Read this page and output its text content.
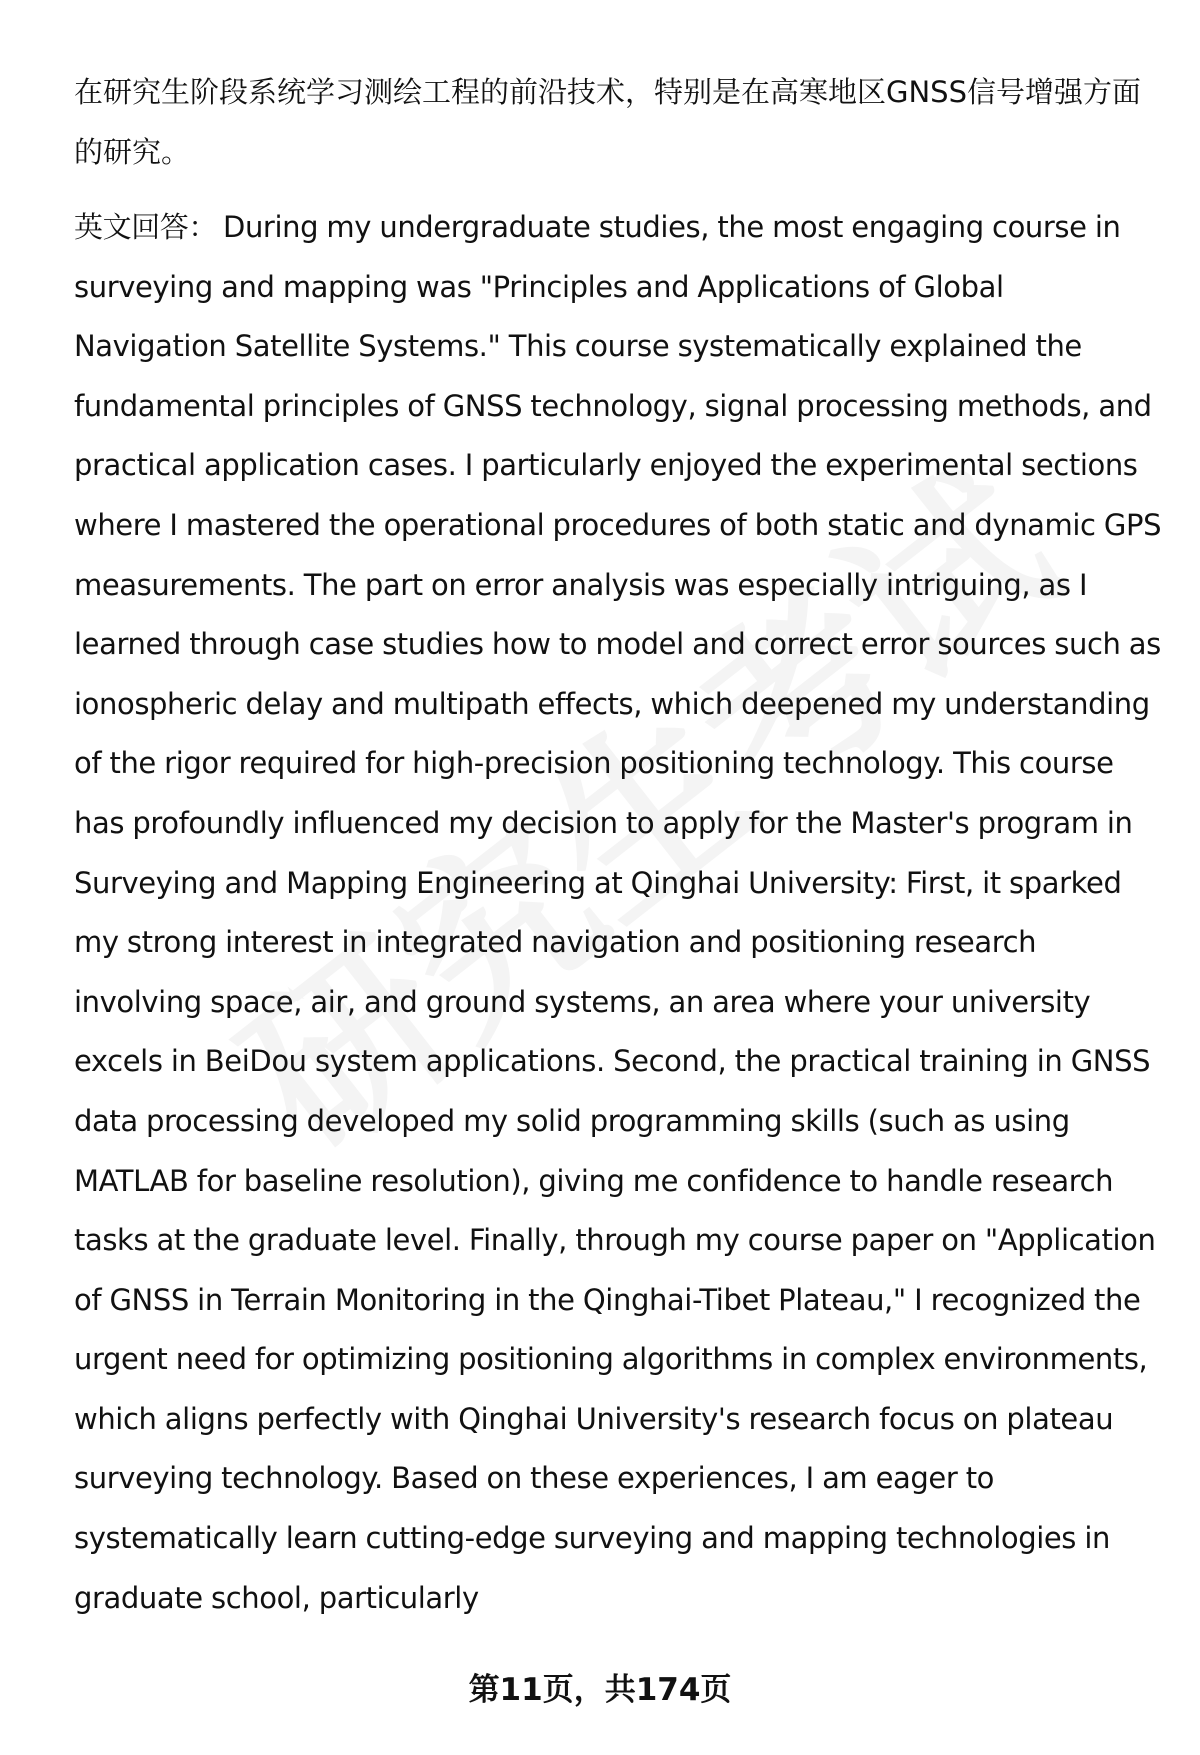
在研究生阶段系统学习测绘工程的前沿技术，特别是在高寒地区GNSS信号增强方面的研究。

英文回答： During my undergraduate studies, the most engaging course in surveying and mapping was "Principles and Applications of Global Navigation Satellite Systems." This course systematically explained the fundamental principles of GNSS technology, signal processing methods, and practical application cases. I particularly enjoyed the experimental sections where I mastered the operational procedures of both static and dynamic GPS measurements. The part on error analysis was especially intriguing, as I learned through case studies how to model and correct error sources such as ionospheric delay and multipath effects, which deepened my understanding of the rigor required for high-precision positioning technology. This course has profoundly influenced my decision to apply for the Master's program in Surveying and Mapping Engineering at Qinghai University: First, it sparked my strong interest in integrated navigation and positioning research involving space, air, and ground systems, an area where your university excels in BeiDou system applications. Second, the practical training in GNSS data processing developed my solid programming skills (such as using MATLAB for baseline resolution), giving me confidence to handle research tasks at the graduate level. Finally, through my course paper on "Application of GNSS in Terrain Monitoring in the Qinghai-Tibet Plateau," I recognized the urgent need for optimizing positioning algorithms in complex environments, which aligns perfectly with Qinghai University's research focus on plateau surveying technology. Based on these experiences, I am eager to systematically learn cutting-edge surveying and mapping technologies in graduate school, particularly

第11页，共174页
